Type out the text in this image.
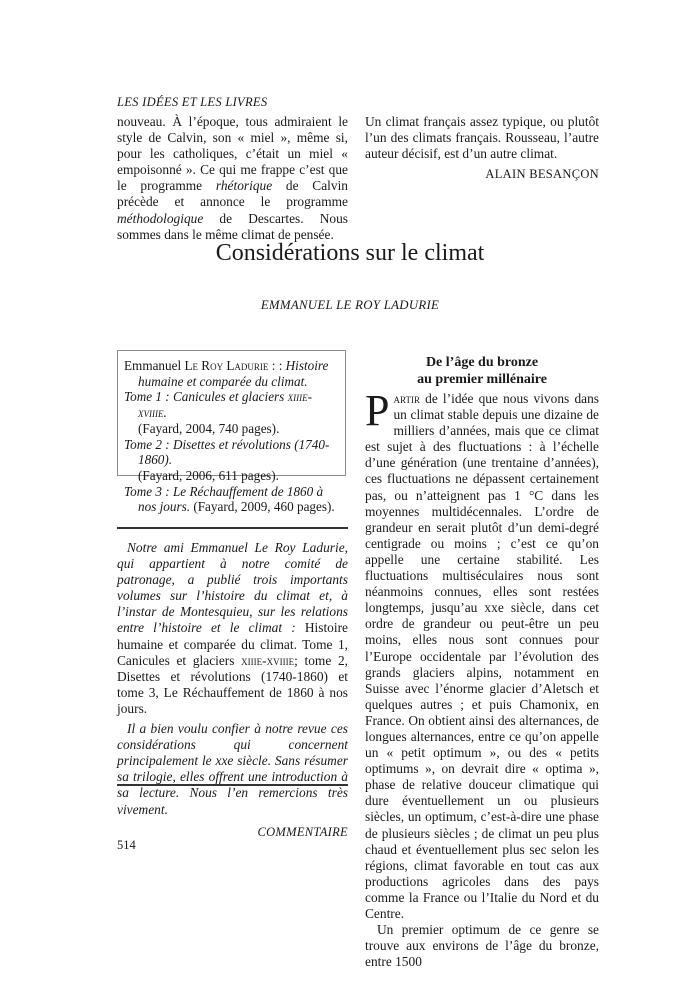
LES IDÉES ET LES LIVRES

nouveau. À l’époque, tous admiraient le style de Calvin, son « miel », même si, pour les catholiques, c’était un miel « empoisonné ». Ce qui me frappe c’est que le programme rhétorique de Calvin précède et annonce le programme méthodologique de Descartes. Nous sommes dans le même climat de pensée.

Un climat français assez typique, ou plutôt l’un des climats français. Rousseau, l’autre auteur décisif, est d’un autre climat.

ALAIN BESANÇON
Considérations sur le climat
EMMANUEL LE ROY LADURIE

Emmanuel Le Roy Ladurie : : Histoire humaine et comparée du climat.

Tome 1 : Canicules et glaciers xiiie-xviiie.
(Fayard, 2004, 740 pages).

Tome 2 : Disettes et révolutions (1740-1860).
(Fayard, 2006, 611 pages).

Tome 3 : Le Réchauffement de 1860 à nos jours. (Fayard, 2009, 460 pages).

Notre ami Emmanuel Le Roy Ladurie, qui appartient à notre comité de patronage, a publié trois importants volumes sur l’histoire du climat et, à l’instar de Montesquieu, sur les relations entre l’histoire et le climat : Histoire humaine et comparée du climat. Tome 1, Canicules et glaciers xiiie-xviiie; tome 2, Disettes et révolutions (1740-1860) et tome 3, Le Réchauffement de 1860 à nos jours.

Il a bien voulu confier à notre revue ces considérations qui concernent principalement le xxe siècle. Sans résumer sa trilogie, elles offrent une introduction à sa lecture. Nous l’en remercions très vivement.

COMMENTAIRE
De l’âge du bronze
au premier millénaire

Partir de l’idée que nous vivons dans un climat stable depuis une dizaine de milliers d’années, mais que ce climat est sujet à des fluctuations : à l’échelle d’une génération (une trentaine d’années), ces fluctuations ne dépassent certainement pas, ou n’atteignent pas 1 °C dans les moyennes multidécennales. L’ordre de grandeur en serait plutôt d’un demi-degré centigrade ou moins ; c’est ce qu’on appelle une certaine stabilité. Les fluctuations multiséculaires nous sont néanmoins connues, elles sont restées longtemps, jusqu’au xxe siècle, dans cet ordre de grandeur ou peut-être un peu moins, elles nous sont connues pour l’Europe occidentale par l’évolution des grands glaciers alpins, notamment en Suisse avec l’énorme glacier d’Aletsch et quelques autres ; et puis Chamonix, en France. On obtient ainsi des alternances, de longues alternances, entre ce qu’on appelle un « petit optimum », ou des « petits optimums », on devrait dire « optima », phase de relative douceur climatique qui dure éventuellement un ou plusieurs siècles, un optimum, c’est-à-dire une phase de plusieurs siècles ; de climat un peu plus chaud et éventuellement plus sec selon les régions, climat favorable en tout cas aux productions agricoles dans des pays comme la France ou l’Italie du Nord et du Centre.

Un premier optimum de ce genre se trouve aux environs de l’âge du bronze, entre 1500

514
